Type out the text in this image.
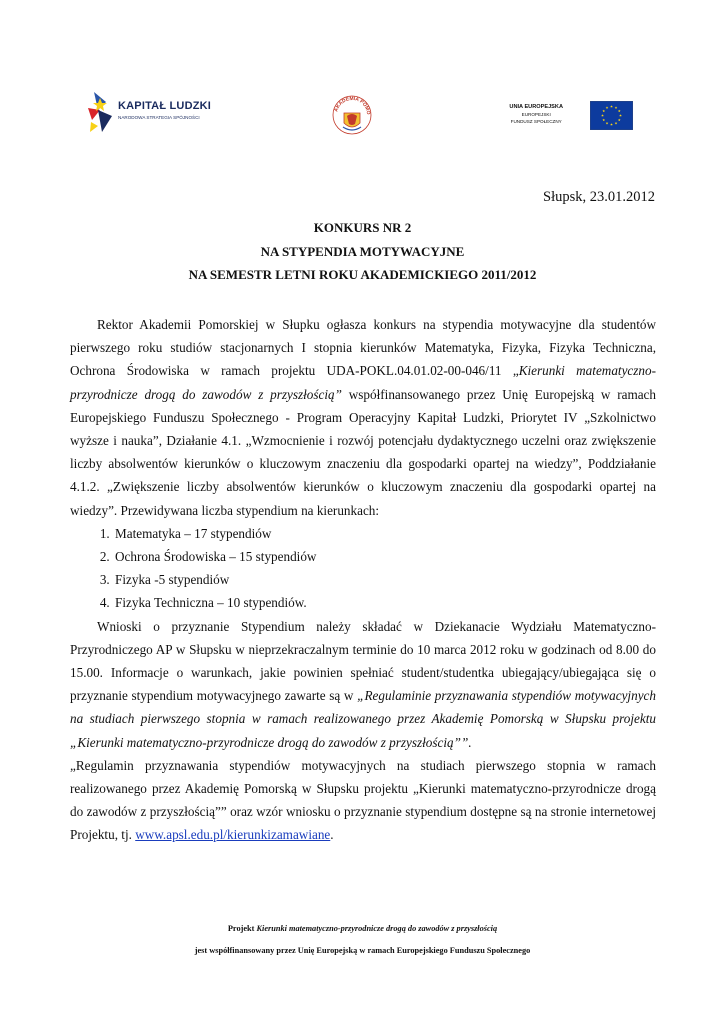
KAPITAŁ LUDZKI
NARODOWA STRATEGIA SPÓJNOŚCI
AKADEMIA POMO
UNIA EUROPEJSKA
EUROPEJSKI
FUNDUSZ SPOŁECZNY
Słupsk, 23.01.2012
KONKURS NR 2
NA STYPENDIA MOTYWACYJNE
NA SEMESTR LETNI ROKU AKADEMICKIEGO 2011/2012

Rektor Akademii Pomorskiej w Słupku ogłasza konkurs na stypendia motywacyjne dla studentów pierwszego roku studiów stacjonarnych I stopnia kierunków Matematyka, Fizyka, Fizyka Techniczna, Ochrona Środowiska w ramach projektu UDA-POKL.04.01.02-00-046/11 „Kierunki matematyczno-przyrodnicze drogą do zawodów z przyszłością” współfinansowanego przez Unię Europejską w ramach Europejskiego Funduszu Społecznego - Program Operacyjny Kapitał Ludzki, Priorytet IV „Szkolnictwo wyższe i nauka”, Działanie 4.1. „Wzmocnienie i rozwój potencjału dydaktycznego uczelni oraz zwiększenie liczby absolwentów kierunków o kluczowym znaczeniu dla gospodarki opartej na wiedzy”, Poddziałanie 4.1.2. „Zwiększenie liczby absolwentów kierunków o kluczowym znaczeniu dla gospodarki opartej na wiedzy”. Przewidywana liczba stypendium na kierunkach:

1. Matematyka – 17 stypendiów
2. Ochrona Środowiska – 15 stypendiów
3. Fizyka -5 stypendiów
4. Fizyka Techniczna – 10 stypendiów.

Wnioski o przyznanie Stypendium należy składać w Dziekanacie Wydziału Matematyczno-Przyrodniczego AP w Słupsku w nieprzekraczalnym terminie do 10 marca 2012 roku w godzinach od 8.00 do 15.00. Informacje o warunkach, jakie powinien spełniać student/studentka ubiegający/ubiegająca się o przyznanie stypendium motywacyjnego zawarte są w „Regulaminie przyznawania stypendiów motywacyjnych na studiach pierwszego stopnia w ramach realizowanego przez Akademię Pomorską w Słupsku projektu „Kierunki matematyczno-przyrodnicze drogą do zawodów z przyszłością””.

„Regulamin przyznawania stypendiów motywacyjnych na studiach pierwszego stopnia w ramach realizowanego przez Akademię Pomorską w Słupsku projektu „Kierunki matematyczno-przyrodnicze drogą do zawodów z przyszłością”” oraz wzór wniosku o przyznanie stypendium dostępne są na stronie internetowej Projektu, tj. www.apsl.edu.pl/kierunkizamawiane.

Projekt Kierunki matematyczno-przyrodnicze drogą do zawodów z przyszłością
jest współfinansowany przez Unię Europejską w ramach Europejskiego Funduszu Społecznego
